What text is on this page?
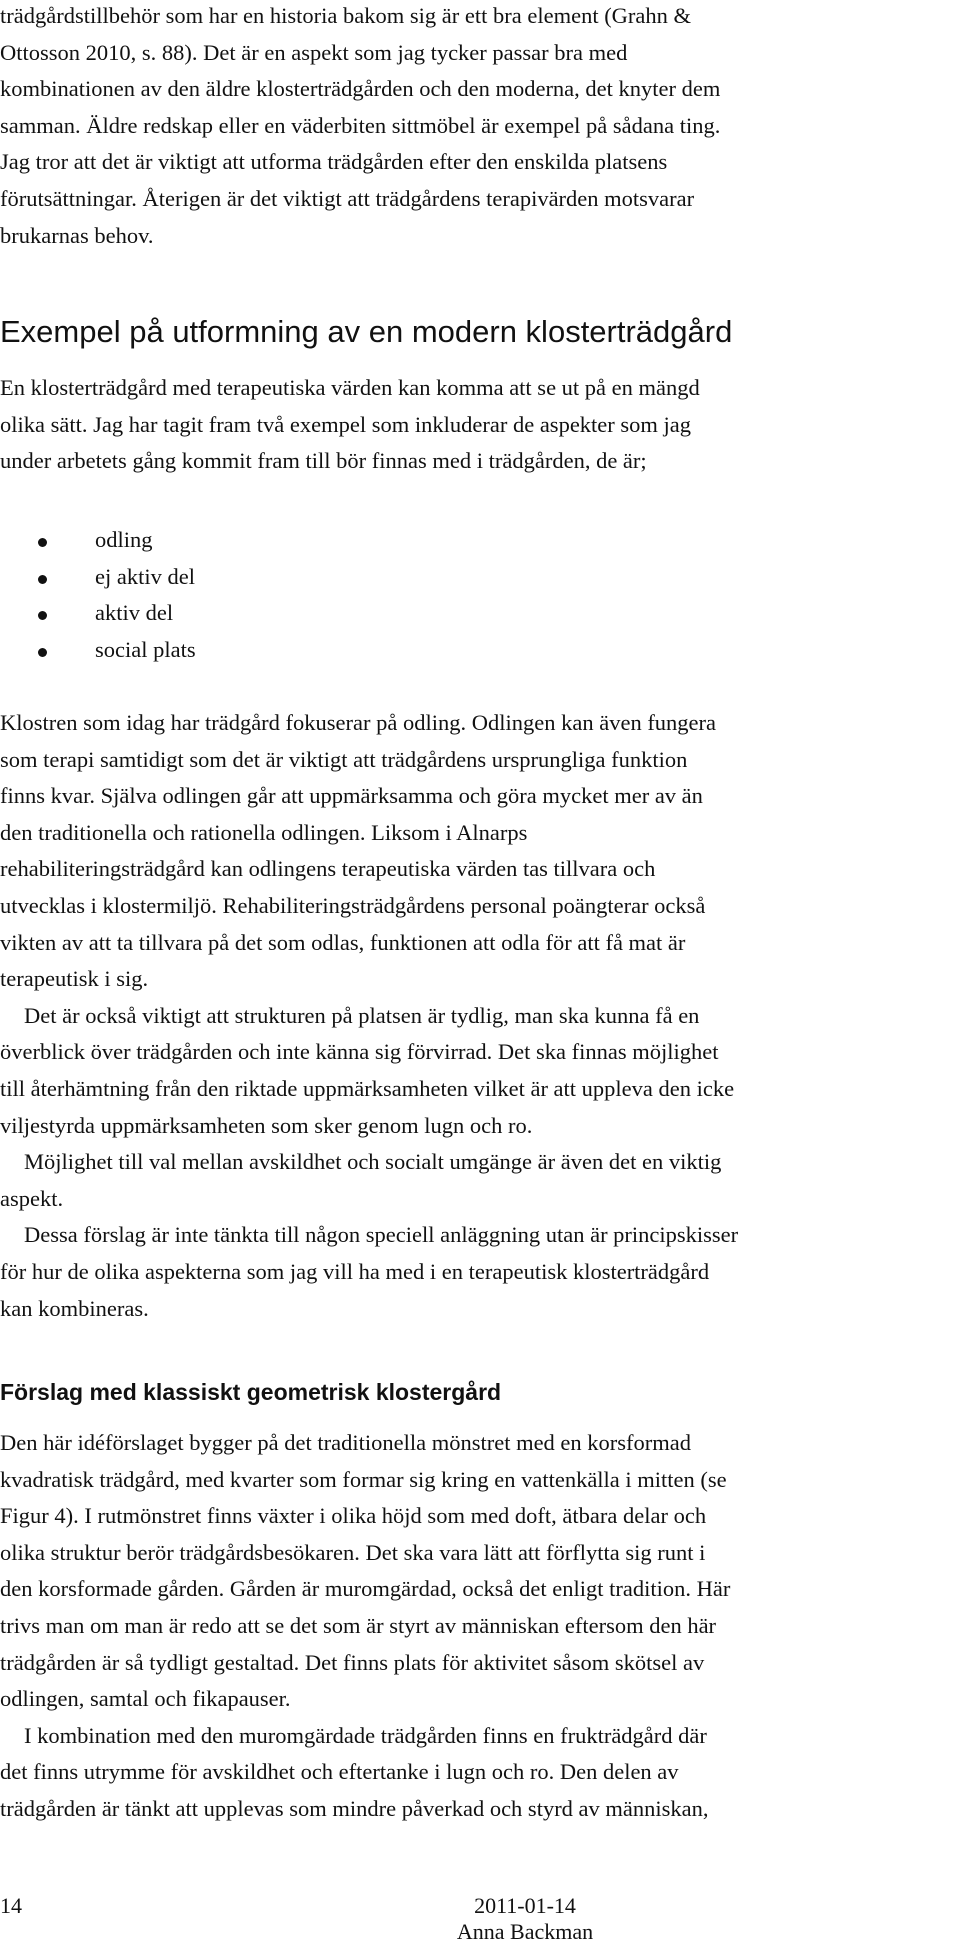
trädgårdstillbehör som har en historia bakom sig är ett bra element (Grahn &
Ottosson 2010, s. 88). Det är en aspekt som jag tycker passar bra med
kombinationen av den äldre klosterträdgården och den moderna, det knyter dem
samman. Äldre redskap eller en väderbiten sittmöbel är exempel på sådana ting.
Jag tror att det är viktigt att utforma trädgården efter den enskilda platsens
förutsättningar. Återigen är det viktigt att trädgårdens terapivärden motsvarar
brukarnas behov.
Exempel på utformning av en modern klosterträdgård
En klosterträdgård med terapeutiska värden kan komma att se ut på en mängd
olika sätt. Jag har tagit fram två exempel som inkluderar de aspekter som jag
under arbetets gång kommit fram till bör finnas med i trädgården, de är;
odling
ej aktiv del
aktiv del
social plats
Klostren som idag har trädgård fokuserar på odling. Odlingen kan även fungera
som terapi samtidigt som det är viktigt att trädgårdens ursprungliga funktion
finns kvar. Själva odlingen går att uppmärksamma och göra mycket mer av än
den traditionella och rationella odlingen. Liksom i Alnarps
rehabiliteringsträdgård kan odlingens terapeutiska värden tas tillvara och
utvecklas i klostermiljö. Rehabiliteringsträdgårdens personal poängterar också
vikten av att ta tillvara på det som odlas, funktionen att odla för att få mat är
terapeutisk i sig.
Det är också viktigt att strukturen på platsen är tydlig, man ska kunna få en
överblick över trädgården och inte känna sig förvirrad. Det ska finnas möjlighet
till återhämtning från den riktade uppmärksamheten vilket är att uppleva den icke
viljestyrda uppmärksamheten som sker genom lugn och ro.
Möjlighet till val mellan avskildhet och socialt umgänge är även det en viktig
aspekt.
Dessa förslag är inte tänkta till någon speciell anläggning utan är principskisser
för hur de olika aspekterna som jag vill ha med i en terapeutisk klosterträdgård
kan kombineras.
Förslag med klassiskt geometrisk klostergård
Den här idéförslaget bygger på det traditionella mönstret med en korsformad
kvadratisk trädgård, med kvarter som formar sig kring en vattenkälla i mitten (se
Figur 4). I rutmönstret finns växter i olika höjd som med doft, ätbara delar och
olika struktur berör trädgårdsbesökaren. Det ska vara lätt att förflytta sig runt i
den korsformade gården. Gården är muromgärdad, också det enligt tradition. Här
trivs man om man är redo att se det som är styrt av människan eftersom den här
trädgården är så tydligt gestaltad. Det finns plats för aktivitet såsom skötsel av
odlingen, samtal och fikapauser.
I kombination med den muromgärdade trädgården finns en frukträdgård där
det finns utrymme för avskildhet och eftertanke i lugn och ro. Den delen av
trädgården är tänkt att upplevas som mindre påverkad och styrd av människan,
14	2011-01-14
Anna Backman
